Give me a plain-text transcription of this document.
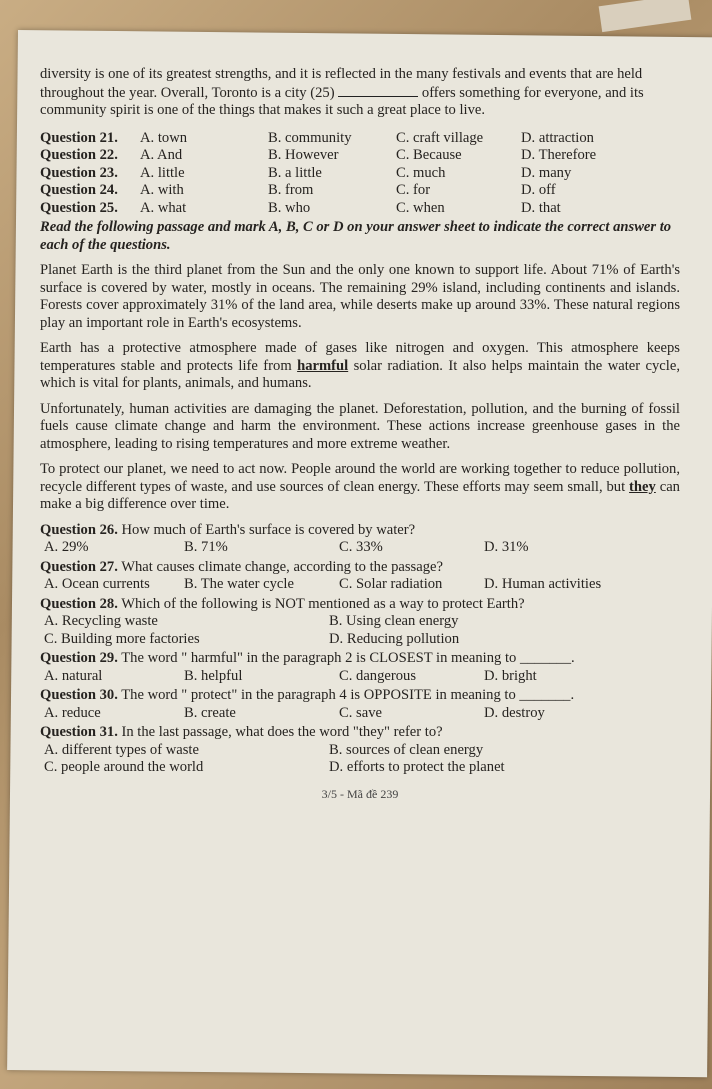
diversity is one of its greatest strengths, and it is reflected in the many festivals and events that are held throughout the year. Overall, Toronto is a city (25)	offers something for everyone, and its community spirit is one of the things that makes it such a great place to live.

Question 21.	A. town	B. community	C. craft village	D. attraction
Question 22.	A. And	B. However	C. Because	D. Therefore
Question 23.	A. little	B. a little	C. much	D. many
Question 24.	A. with	B. from	C. for	D. off
Question 25.	A. what	B. who	C. when	D. that

Read the following passage and mark A, B, C or D on your answer sheet to indicate the correct answer to each of the questions.

Planet Earth is the third planet from the Sun and the only one known to support life. About 71% of Earth's surface is covered by water, mostly in oceans. The remaining 29% island, including continents and islands. Forests cover approximately 31% of the land area, while deserts make up around 33%. These natural regions play an important role in Earth's ecosystems.

Earth has a protective atmosphere made of gases like nitrogen and oxygen. This atmosphere keeps temperatures stable and protects life from harmful solar radiation. It also helps maintain the water cycle, which is vital for plants, animals, and humans.

Unfortunately, human activities are damaging the planet. Deforestation, pollution, and the burning of fossil fuels cause climate change and harm the environment. These actions increase greenhouse gases in the atmosphere, leading to rising temperatures and more extreme weather.

To protect our planet, we need to act now. People around the world are working together to reduce pollution, recycle different types of waste, and use sources of clean energy. These efforts may seem small, but they can make a big difference over time.

Question 26. How much of Earth's surface is covered by water?
A. 29%	B. 71%	C. 33%	D. 31%
Question 27. What causes climate change, according to the passage?
A. Ocean currents	B. The water cycle	C. Solar radiation	D. Human activities
Question 28. Which of the following is NOT mentioned as a way to protect Earth?
A. Recycling waste	B. Using clean energy
C. Building more factories	D. Reducing pollution
Question 29. The word " harmful" in the paragraph 2 is CLOSEST in meaning to _______.
A. natural	B. helpful	C. dangerous	D. bright
Question 30. The word " protect" in the paragraph 4 is OPPOSITE in meaning to _______.
A. reduce	B. create	C. save	D. destroy
Question 31. In the last passage, what does the word "they" refer to?
A. different types of waste	B. sources of clean energy
C. people around the world	D. efforts to protect the planet
3/5 - Mã đề 239
